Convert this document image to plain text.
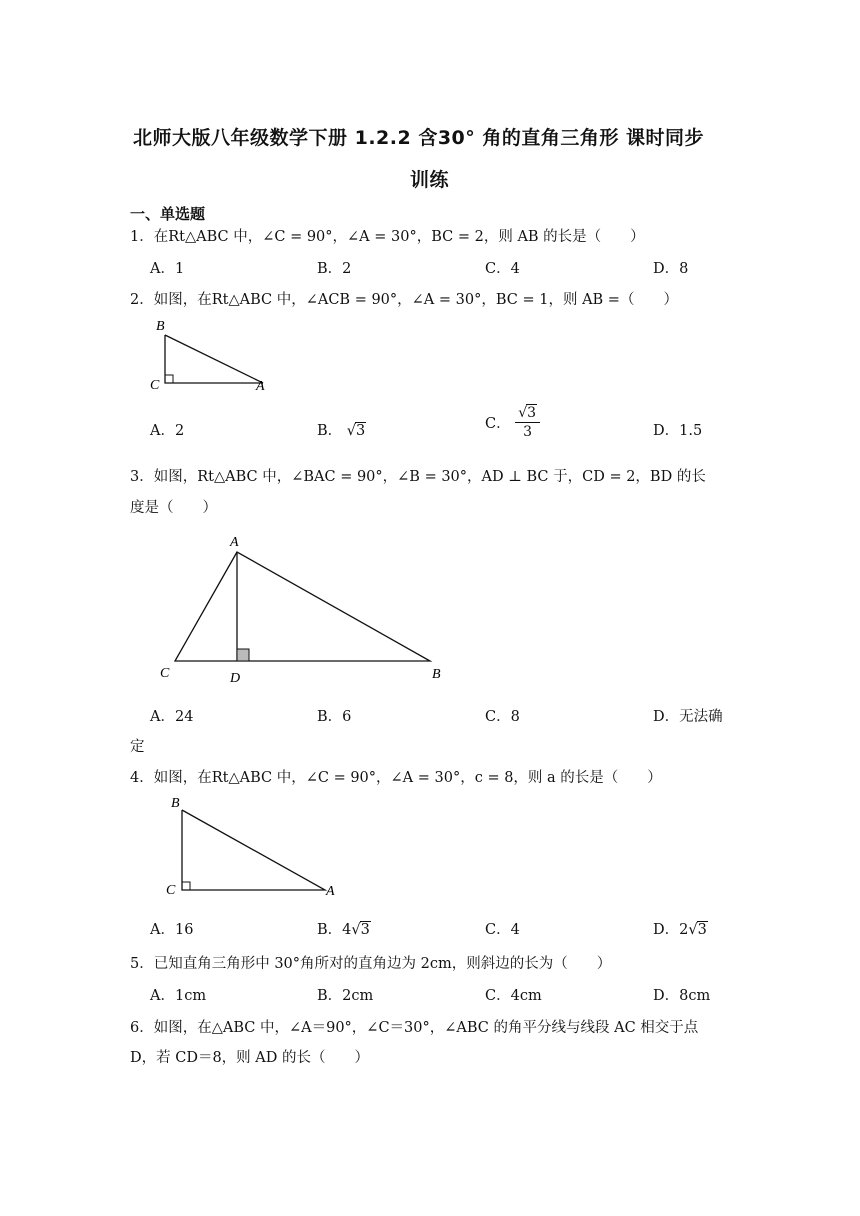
北师大版八年级数学下册 1.2.2 含30° 角的直角三角形 课时同步
训练
一、单选题
1．在Rt△ABC 中，∠C = 90°，∠A = 30°，BC = 2，则 AB 的长是（　　）
A．1	B．2	C．4	D．8
2．如图，在Rt△ABC 中，∠ACB = 90°，∠A = 30°，BC = 1，则 AB =（　　）
B
C	A
A．2	B． √3	C． $\frac{√3}{3}$	D．1.5
3．如图，Rt△ABC 中，∠BAC = 90°，∠B = 30°，AD ⊥ BC 于，CD = 2，BD 的长
度是（　　）
A
C	D	B
A．24	B．6	C．8	D．无法确
定
4．如图，在Rt△ABC 中，∠C = 90°，∠A = 30°，c = 8，则 a 的长是（　　）
B
C	A
A．16	B．4√3	C．4	D．2√3
5．已知直角三角形中 30°角所对的直角边为 2cm，则斜边的长为（　　）
A．1cm	B．2cm	C．4cm	D．8cm
6．如图，在△ABC 中，∠A＝90°，∠C＝30°，∠ABC 的角平分线与线段 AC 相交于点
D，若 CD＝8，则 AD 的长（　　）
